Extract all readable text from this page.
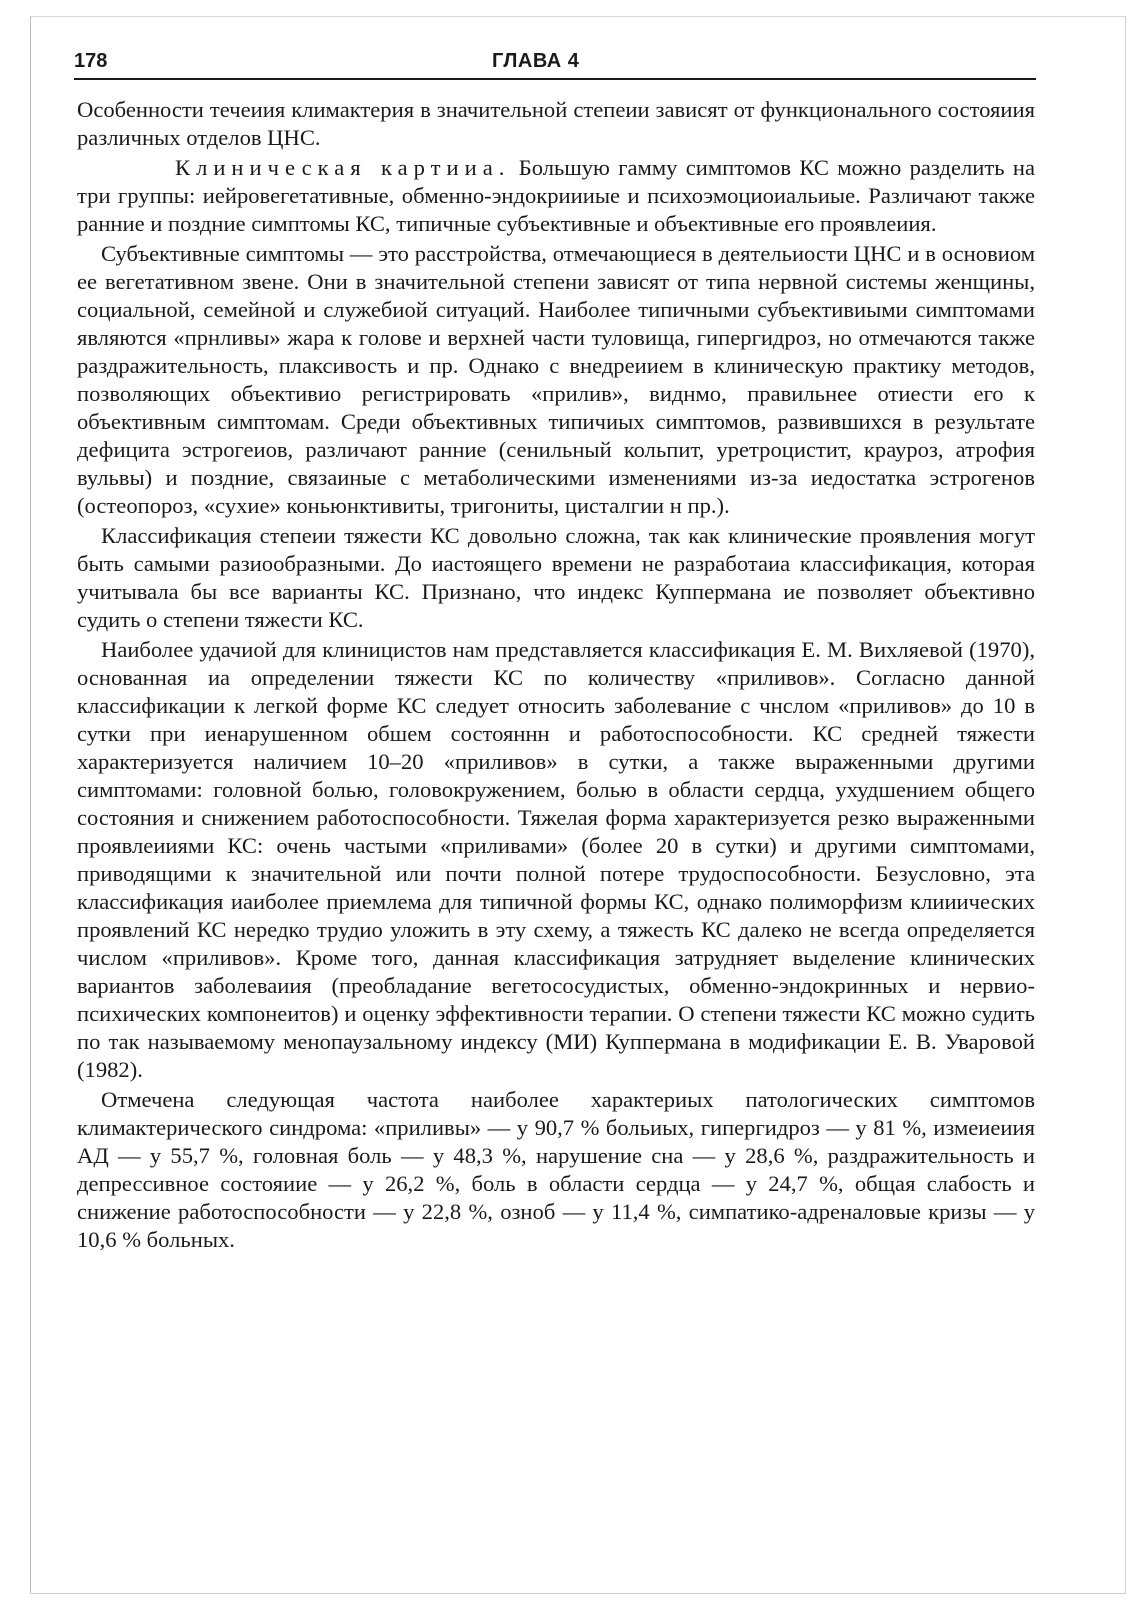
178	ГЛАВА 4

Особенности течеиия климактерия в значительной степеии зависят от функционального состояиия различных отделов ЦНС.

Клиническая картииа. Большую гамму симптомов КС можно разделить на три группы: иейровегетативные, обменно-эндокриииые и психоэмоциоиальиые. Различают также ранние и поздние симптомы КС, типичные субъективные и объективные его проявлеиия.

Субъективные симптомы — это расстройства, отмечающиеся в деятельиости ЦНС и в основиом ее вегетативном звене. Они в значительной степени зависят от типа нервной сиcтемы женщины, социальной, семейной и служебиой ситуаций. Наиболее типичными субъективиыми симптомами являются «прнливы» жара к голове и верхней части туловища, гипергидроз, но отмечаются также раздражительность, плаксивость и пр. Однако с внедреиием в клиническую практику методов, позволяющих объективио регистрировать «прилив», виднмо, правильнее отиести его к объективным симптомам. Среди объективных типичиых симптомов, развившихся в результате дефицита эстрогеиов, различают ранние (сенильный кольпит, уретроцистит, крауроз, атрофия вульвы) и поздние, связаиные с метаболическими изменениями из-за иедостатка эстрогенов (остеопороз, «сухие» коньюнктивиты, тригониты, цисталгии н пр.).

Классификация степеии тяжести КС довольно сложна, так как клинические проявления могут быть самыми разиообразными. До иастоящего времени не разработаиа классификация, которая учитывала бы все варианты КС. Признано, что индекс Куппермана ие позволяет объективно судить о степени тяжести КС.

Наиболее удачиой для клиницистов нам представляется классификация Е. М. Вихляевой (1970), основанная иа определении тяжести КС по количеству «приливов». Согласно данной классификации к легкой форме КС следует относить заболевание с чнслом «приливов» до 10 в сутки при иенарушенном обшем состояннн и работоспособности. КС средней тяжести характеризуется наличием 10–20 «приливов» в сутки, а также выраженными другими симптомами: головной болью, головокружением, болью в области сердца, ухудшением общего состояния и снижением работоспособности. Тяжелая форма характеризуется резко выраженными проявлеииями КС: очень частыми «приливами» (более 20 в сутки) и другими симптомами, приводящими к значительной или почти полной потере трудоспособности. Безусловно, эта классификация иаиболее приемлема для типичной формы КС, однако полиморфизм клииических проявлений КС нередко трудио уложить в эту схему, а тяжесть КС далеко не всегда определяется числом «приливов». Кроме того, данная классификация затрудняет выделение клинических вариантов заболеваиия (преобладание вегетососудистых, обменно-эндокринных и нервио-психических компонеитов) и оценку эффективности терапии. О степени тяжести КС можно судить по так называемому менопаузальному индексу (МИ) Куппермана в модификации Е. В. Уваровой (1982).

Отмечена следующая частота наиболее характериых патологических симптомов климактерического синдрома: «приливы» — у 90,7 % больиых, гипергидроз — у 81 %, измеиеиия АД — у 55,7 %, головная боль — у 48,3 %, нарушение сна — у 28,6 %, раздражительность и депрессивное состояиие — у 26,2 %, боль в области сердца — у 24,7 %, общая слабость и снижение работоспособности — у 22,8 %, озноб — у 11,4 %, симпатико-адреналовые кризы — у 10,6 % больных.
